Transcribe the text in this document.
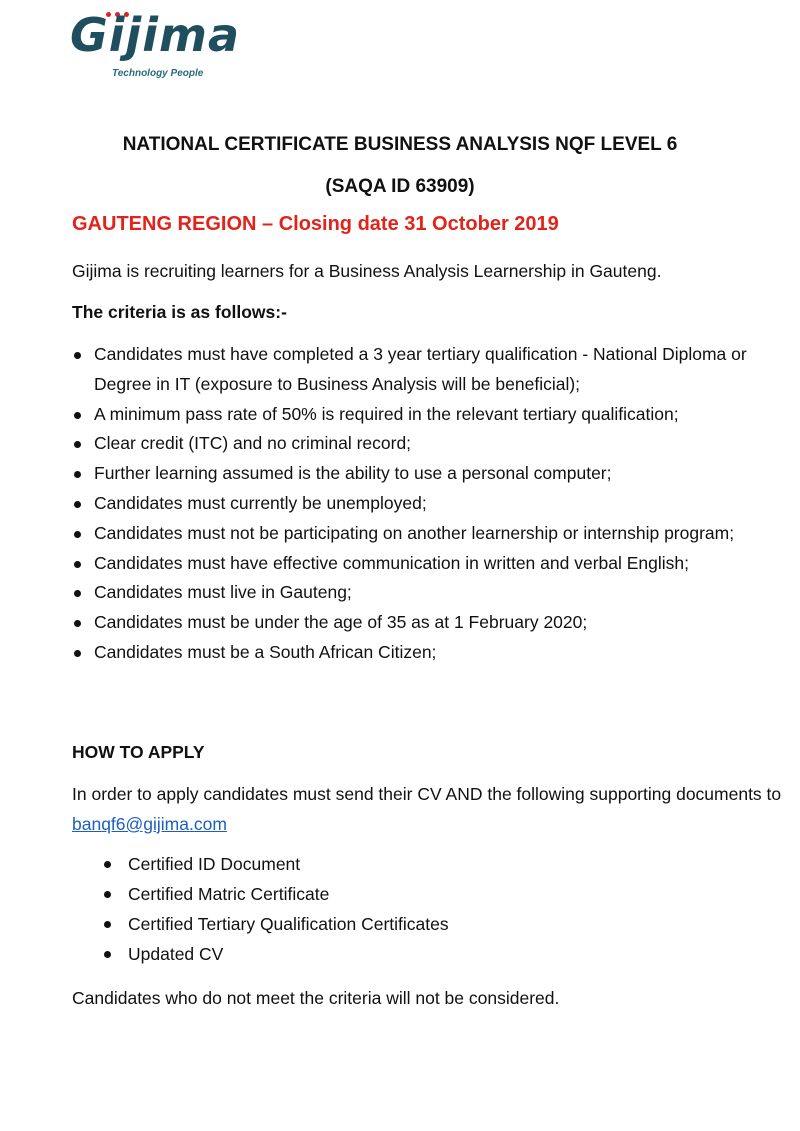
Gijima
Technology People
NATIONAL CERTIFICATE BUSINESS ANALYSIS NQF LEVEL 6
(SAQA ID 63909)
GAUTENG REGION – Closing date 31 October 2019
Gijima is recruiting learners for a Business Analysis Learnership in Gauteng.
The criteria is as follows:-
Candidates must have completed a 3 year tertiary qualification - National Diploma or Degree in IT (exposure to Business Analysis will be beneficial);
A minimum pass rate of 50% is required in the relevant tertiary qualification;
Clear credit (ITC) and no criminal record;
Further learning assumed is the ability to use a personal computer;
Candidates must currently be unemployed;
Candidates must not be participating on another learnership or internship program;
Candidates must have effective communication in written and verbal English;
Candidates must live in Gauteng;
Candidates must be under the age of 35 as at 1 February 2020;
Candidates must be a South African Citizen;
HOW TO APPLY
In order to apply candidates must send their CV AND the following supporting documents to banqf6@gijima.com
Certified ID Document
Certified Matric Certificate
Certified Tertiary Qualification Certificates
Updated CV
Candidates who do not meet the criteria will not be considered.
